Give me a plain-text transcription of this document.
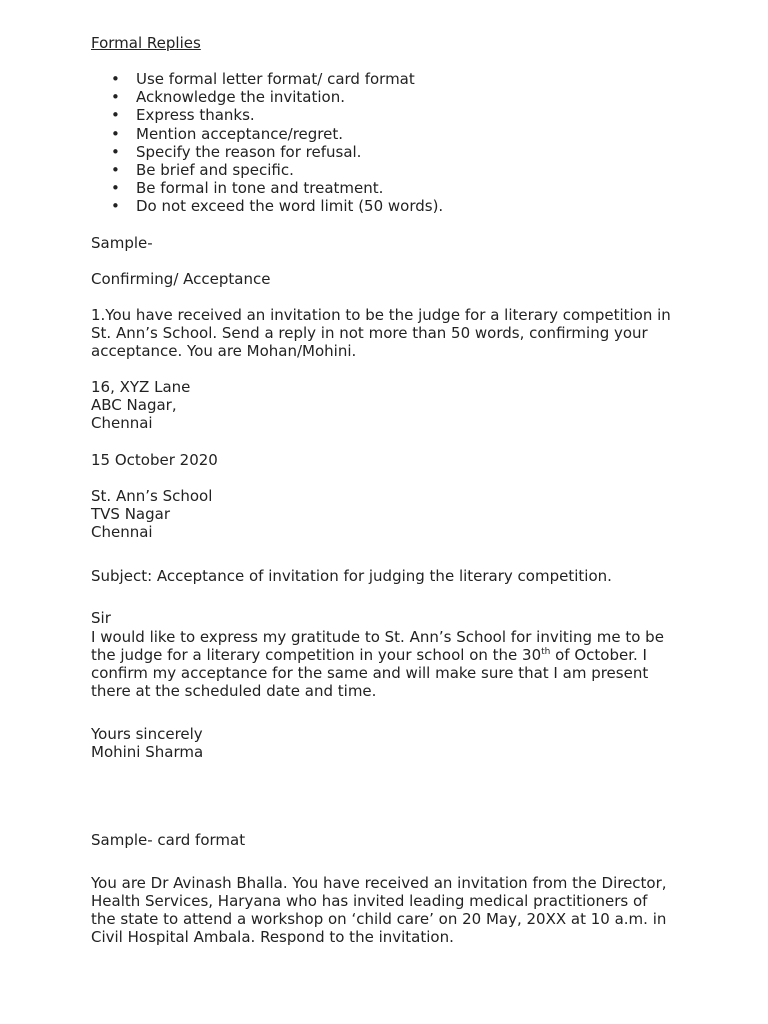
Formal Replies

• Use formal letter format/ card format
• Acknowledge the invitation.
• Express thanks.
• Mention acceptance/regret.
• Specify the reason for refusal.
• Be brief and specific.
• Be formal in tone and treatment.
• Do not exceed the word limit (50 words).

Sample-

Confirming/ Acceptance

1.You have received an invitation to be the judge for a literary competition in
St. Ann’s School. Send a reply in not more than 50 words, confirming your
acceptance. You are Mohan/Mohini.
16, XYZ Lane
ABC Nagar,
Chennai

15 October 2020

St. Ann’s School
TVS Nagar
Chennai

Subject: Acceptance of invitation for judging the literary competition.

Sir

I would like to express my gratitude to St. Ann’s School for inviting me to be
the judge for a literary competition in your school on the 30th of October. I
confirm my acceptance for the same and will make sure that I am present
there at the scheduled date and time.
Yours sincerely
Mohini Sharma

Sample- card format

You are Dr Avinash Bhalla. You have received an invitation from the Director,
Health Services, Haryana who has invited leading medical practitioners of
the state to attend a workshop on ‘child care’ on 20 May, 20XX at 10 a.m. in
Civil Hospital Ambala. Respond to the invitation.
